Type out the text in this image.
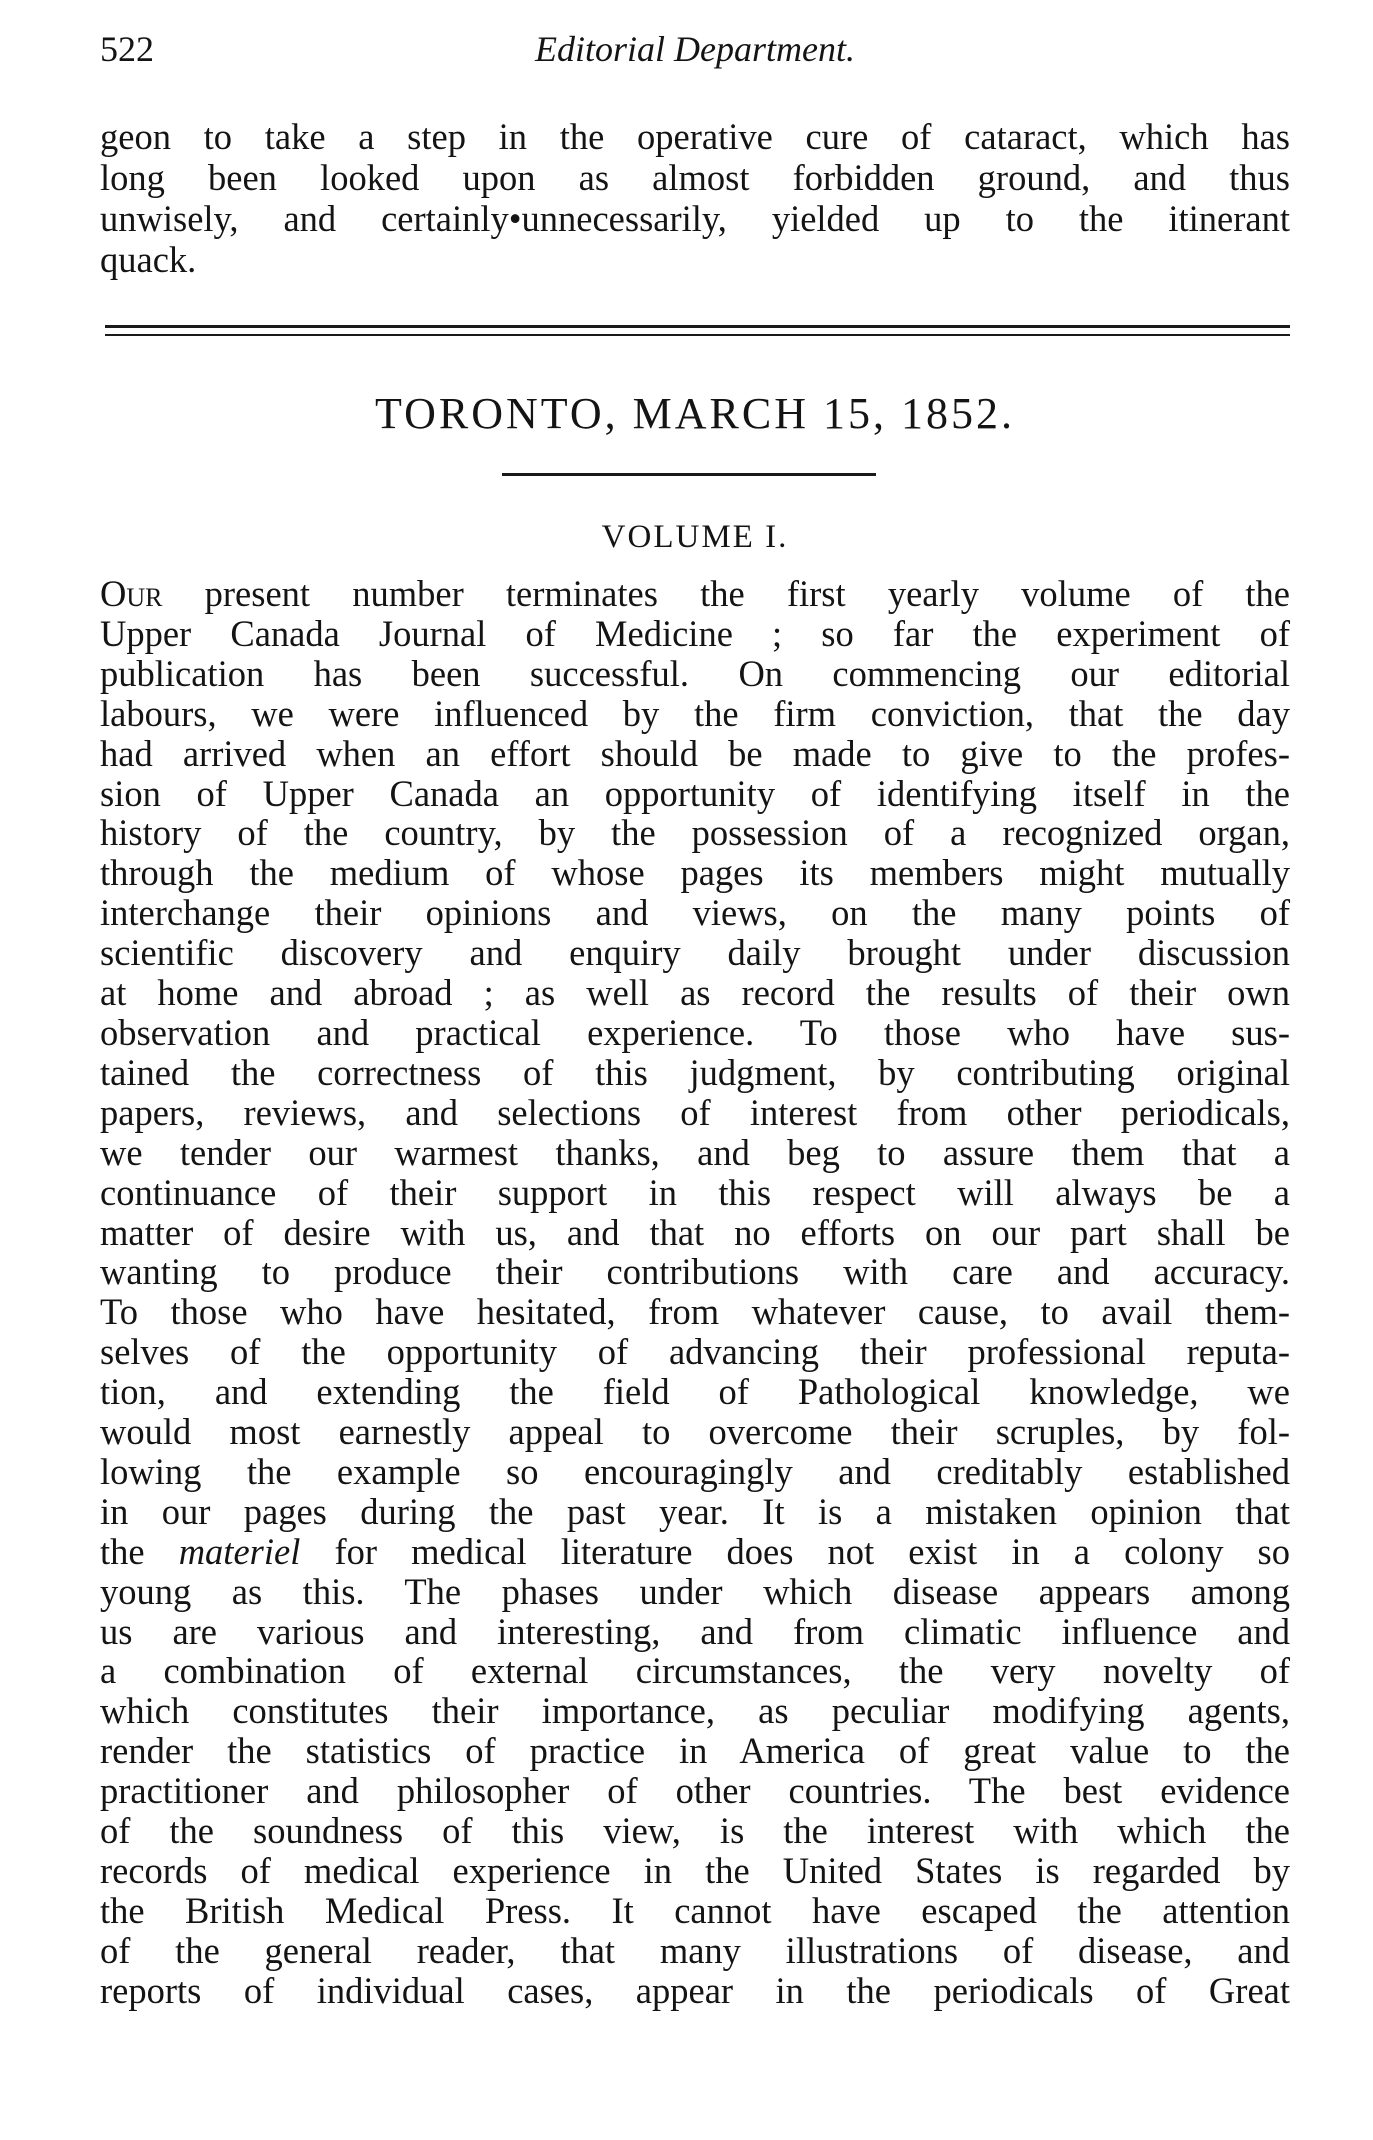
522	Editorial Department.
geon to take a step in the operative cure of cataract, which has
long been looked upon as almost forbidden ground, and thus
unwisely, and certainly•unnecessarily, yielded up to the itinerant
quack.
TORONTO, MARCH 15, 1852.
VOLUME I.
Our present number terminates the first yearly volume of the
Upper Canada Journal of Medicine ; so far the experiment of
publication has been successful. On commencing our editorial
labours, we were influenced by the firm conviction, that the day
had arrived when an effort should be made to give to the profes-
sion of Upper Canada an opportunity of identifying itself in the
history of the country, by the possession of a recognized organ,
through the medium of whose pages its members might mutually
interchange their opinions and views, on the many points of
scientific discovery and enquiry daily brought under discussion
at home and abroad ; as well as record the results of their own
observation and practical experience. To those who have sus-
tained the correctness of this judgment, by contributing original
papers, reviews, and selections of interest from other periodicals,
we tender our warmest thanks, and beg to assure them that a
continuance of their support in this respect will always be a
matter of desire with us, and that no efforts on our part shall be
wanting to produce their contributions with care and accuracy.
To those who have hesitated, from whatever cause, to avail them-
selves of the opportunity of advancing their professional reputa-
tion, and extending the field of Pathological knowledge, we
would most earnestly appeal to overcome their scruples, by fol-
lowing the example so encouragingly and creditably established
in our pages during the past year. It is a mistaken opinion that
the materiel for medical literature does not exist in a colony so
young as this. The phases under which disease appears among
us are various and interesting, and from climatic influence and
a combination of external circumstances, the very novelty of
which constitutes their importance, as peculiar modifying agents,
render the statistics of practice in America of great value to the
practitioner and philosopher of other countries. The best evidence
of the soundness of this view, is the interest with which the
records of medical experience in the United States is regarded by
the British Medical Press. It cannot have escaped the attention
of the general reader, that many illustrations of disease, and
reports of individual cases, appear in the periodicals of Great
